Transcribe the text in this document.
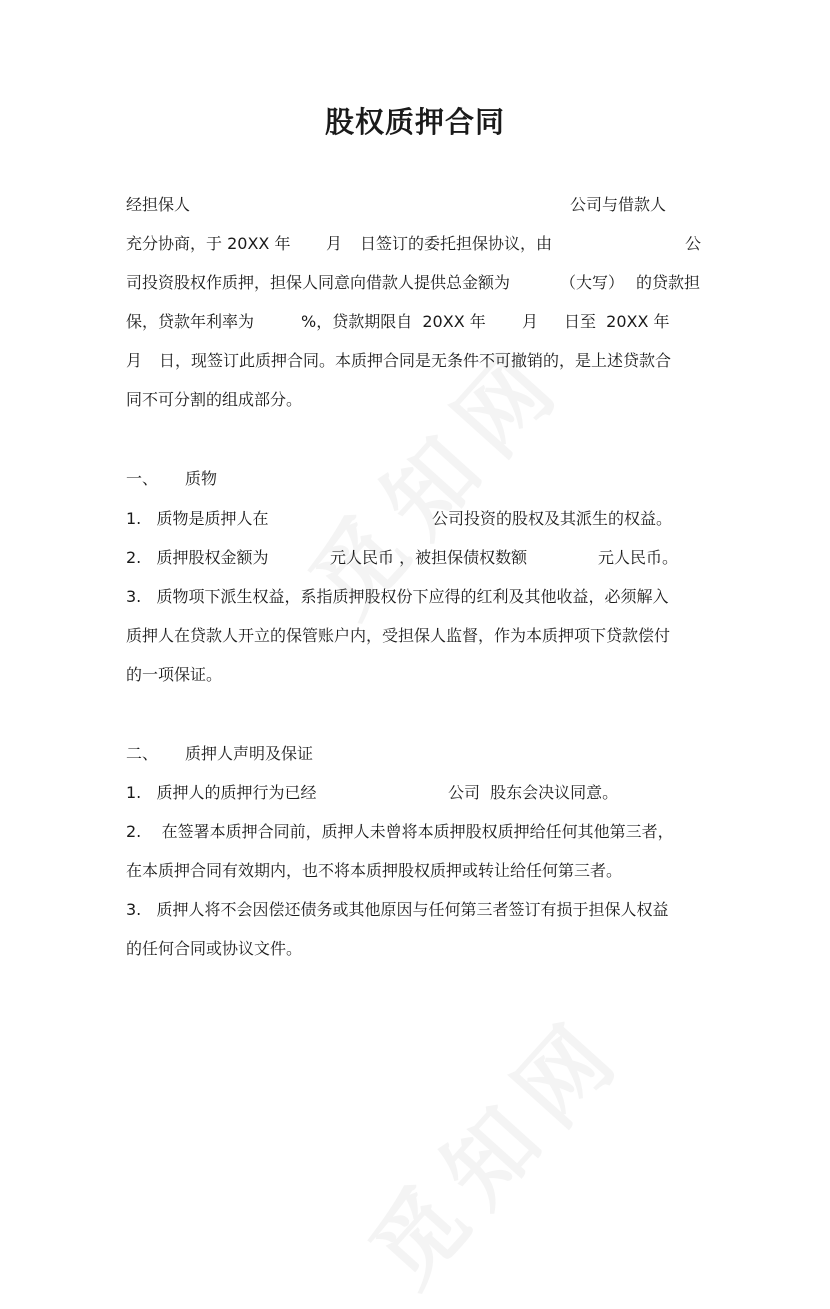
股权质押合同
经担保人	公司与借款人
充分协商，于 20XX 年 月 日签订的委托担保协议，由	公
司投资股权作质押，担保人同意向借款人提供总金额为	（大写） 的贷款担
保，贷款年利率为	%，贷款期限自  20XX 年 月 日至  20XX 年
月 日，现签订此质押合同。本质押合同是无条件不可撤销的，是上述贷款合
同不可分割的组成部分。
一、 质物
1.   质物是质押人在	公司投资的股权及其派生的权益。
2.   质押股权金额为	元人民币 ，被担保债权数额	元人民币。
3.   质物项下派生权益，系指质押股权份下应得的红利及其他收益，必须解入
质押人在贷款人开立的保管账户内，受担保人监督，作为本质押项下贷款偿付
的一项保证。
二、 质押人声明及保证
1.   质押人的质押行为已经	公司  股东会决议同意。
2.    在签署本质押合同前，质押人未曾将本质押股权质押给任何其他第三者，
在本质押合同有效期内，也不将本质押股权质押或转让给任何第三者。
3.   质押人将不会因偿还债务或其他原因与任何第三者签订有损于担保人权益
的任何合同或协议文件。
